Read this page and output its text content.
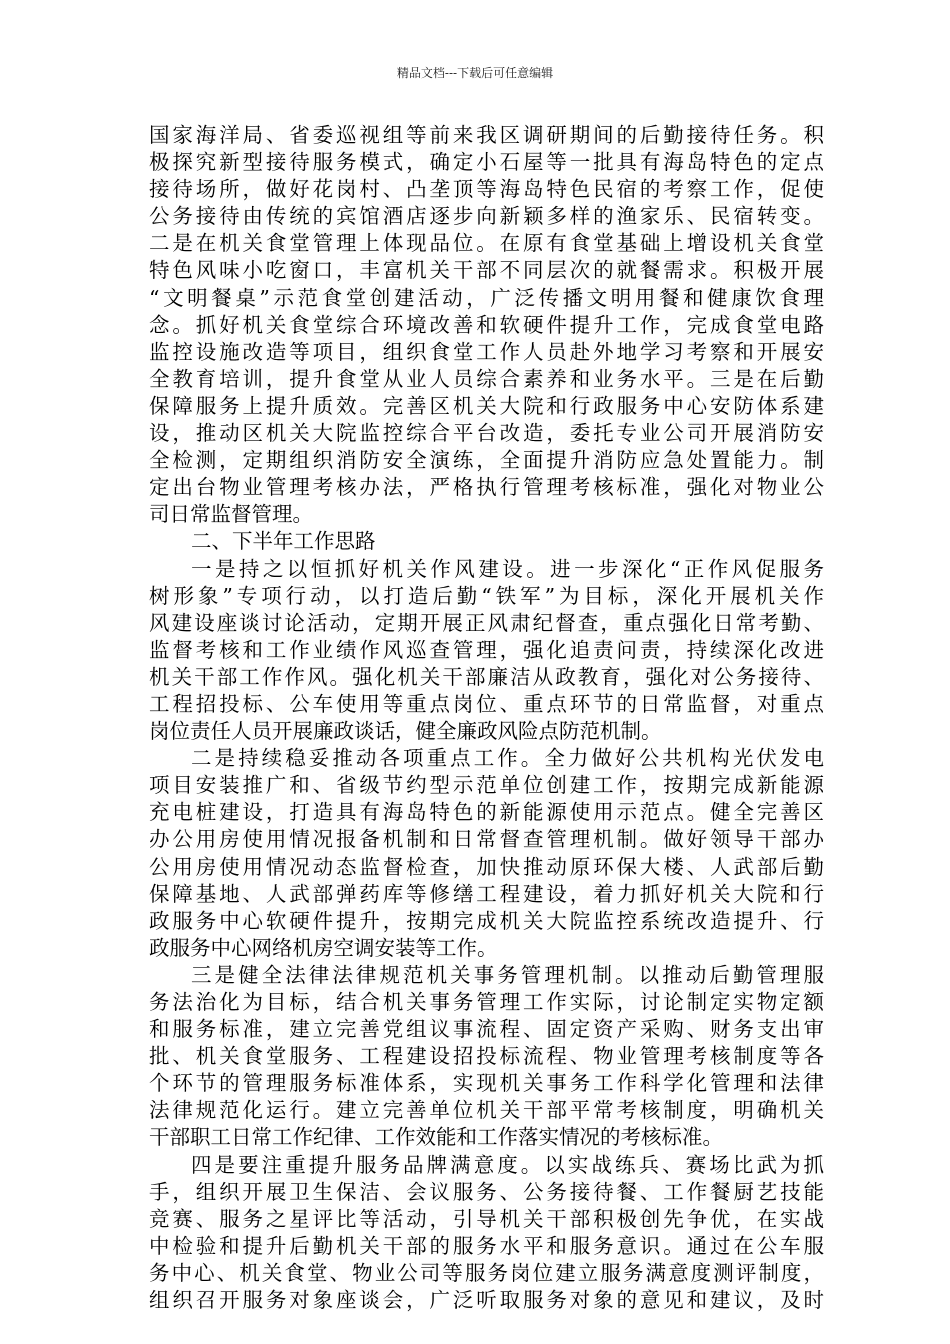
精品文档---下载后可任意编辑
国家海洋局、省委巡视组等前来我区调研期间的后勤接待任务。积
极探究新型接待服务模式，确定小石屋等一批具有海岛特色的定点
接待场所，做好花岗村、凸垄顶等海岛特色民宿的考察工作，促使
公务接待由传统的宾馆酒店逐步向新颖多样的渔家乐、民宿转变。
二是在机关食堂管理上体现品位。在原有食堂基础上增设机关食堂
特色风味小吃窗口，丰富机关干部不同层次的就餐需求。积极开展
“文明餐桌”示范食堂创建活动，广泛传播文明用餐和健康饮食理
念。抓好机关食堂综合环境改善和软硬件提升工作，完成食堂电路
监控设施改造等项目，组织食堂工作人员赴外地学习考察和开展安
全教育培训，提升食堂从业人员综合素养和业务水平。三是在后勤
保障服务上提升质效。完善区机关大院和行政服务中心安防体系建
设，推动区机关大院监控综合平台改造，委托专业公司开展消防安
全检测，定期组织消防安全演练，全面提升消防应急处置能力。制
定出台物业管理考核办法，严格执行管理考核标准，强化对物业公
司日常监督管理。
二、下半年工作思路
一是持之以恒抓好机关作风建设。进一步深化“正作风促服务
树形象”专项行动，以打造后勤“铁军”为目标，深化开展机关作
风建设座谈讨论活动，定期开展正风肃纪督查，重点强化日常考勤、
监督考核和工作业绩作风巡查管理，强化追责问责，持续深化改进
机关干部工作作风。强化机关干部廉洁从政教育，强化对公务接待、
工程招投标、公车使用等重点岗位、重点环节的日常监督，对重点
岗位责任人员开展廉政谈话，健全廉政风险点防范机制。
二是持续稳妥推动各项重点工作。全力做好公共机构光伏发电
项目安装推广和、省级节约型示范单位创建工作，按期完成新能源
充电桩建设，打造具有海岛特色的新能源使用示范点。健全完善区
办公用房使用情况报备机制和日常督查管理机制。做好领导干部办
公用房使用情况动态监督检查，加快推动原环保大楼、人武部后勤
保障基地、人武部弹药库等修缮工程建设，着力抓好机关大院和行
政服务中心软硬件提升，按期完成机关大院监控系统改造提升、行
政服务中心网络机房空调安装等工作。
三是健全法律法律规范机关事务管理机制。以推动后勤管理服
务法治化为目标，结合机关事务管理工作实际，讨论制定实物定额
和服务标准，建立完善党组议事流程、固定资产采购、财务支出审
批、机关食堂服务、工程建设招投标流程、物业管理考核制度等各
个环节的管理服务标准体系，实现机关事务工作科学化管理和法律
法律规范化运行。建立完善单位机关干部平常考核制度，明确机关
干部职工日常工作纪律、工作效能和工作落实情况的考核标准。
四是要注重提升服务品牌满意度。以实战练兵、赛场比武为抓
手，组织开展卫生保洁、会议服务、公务接待餐、工作餐厨艺技能
竞赛、服务之星评比等活动，引导机关干部积极创先争优，在实战
中检验和提升后勤机关干部的服务水平和服务意识。通过在公车服
务中心、机关食堂、物业公司等服务岗位建立服务满意度测评制度，
组织召开服务对象座谈会，广泛听取服务对象的意见和建议，及时
